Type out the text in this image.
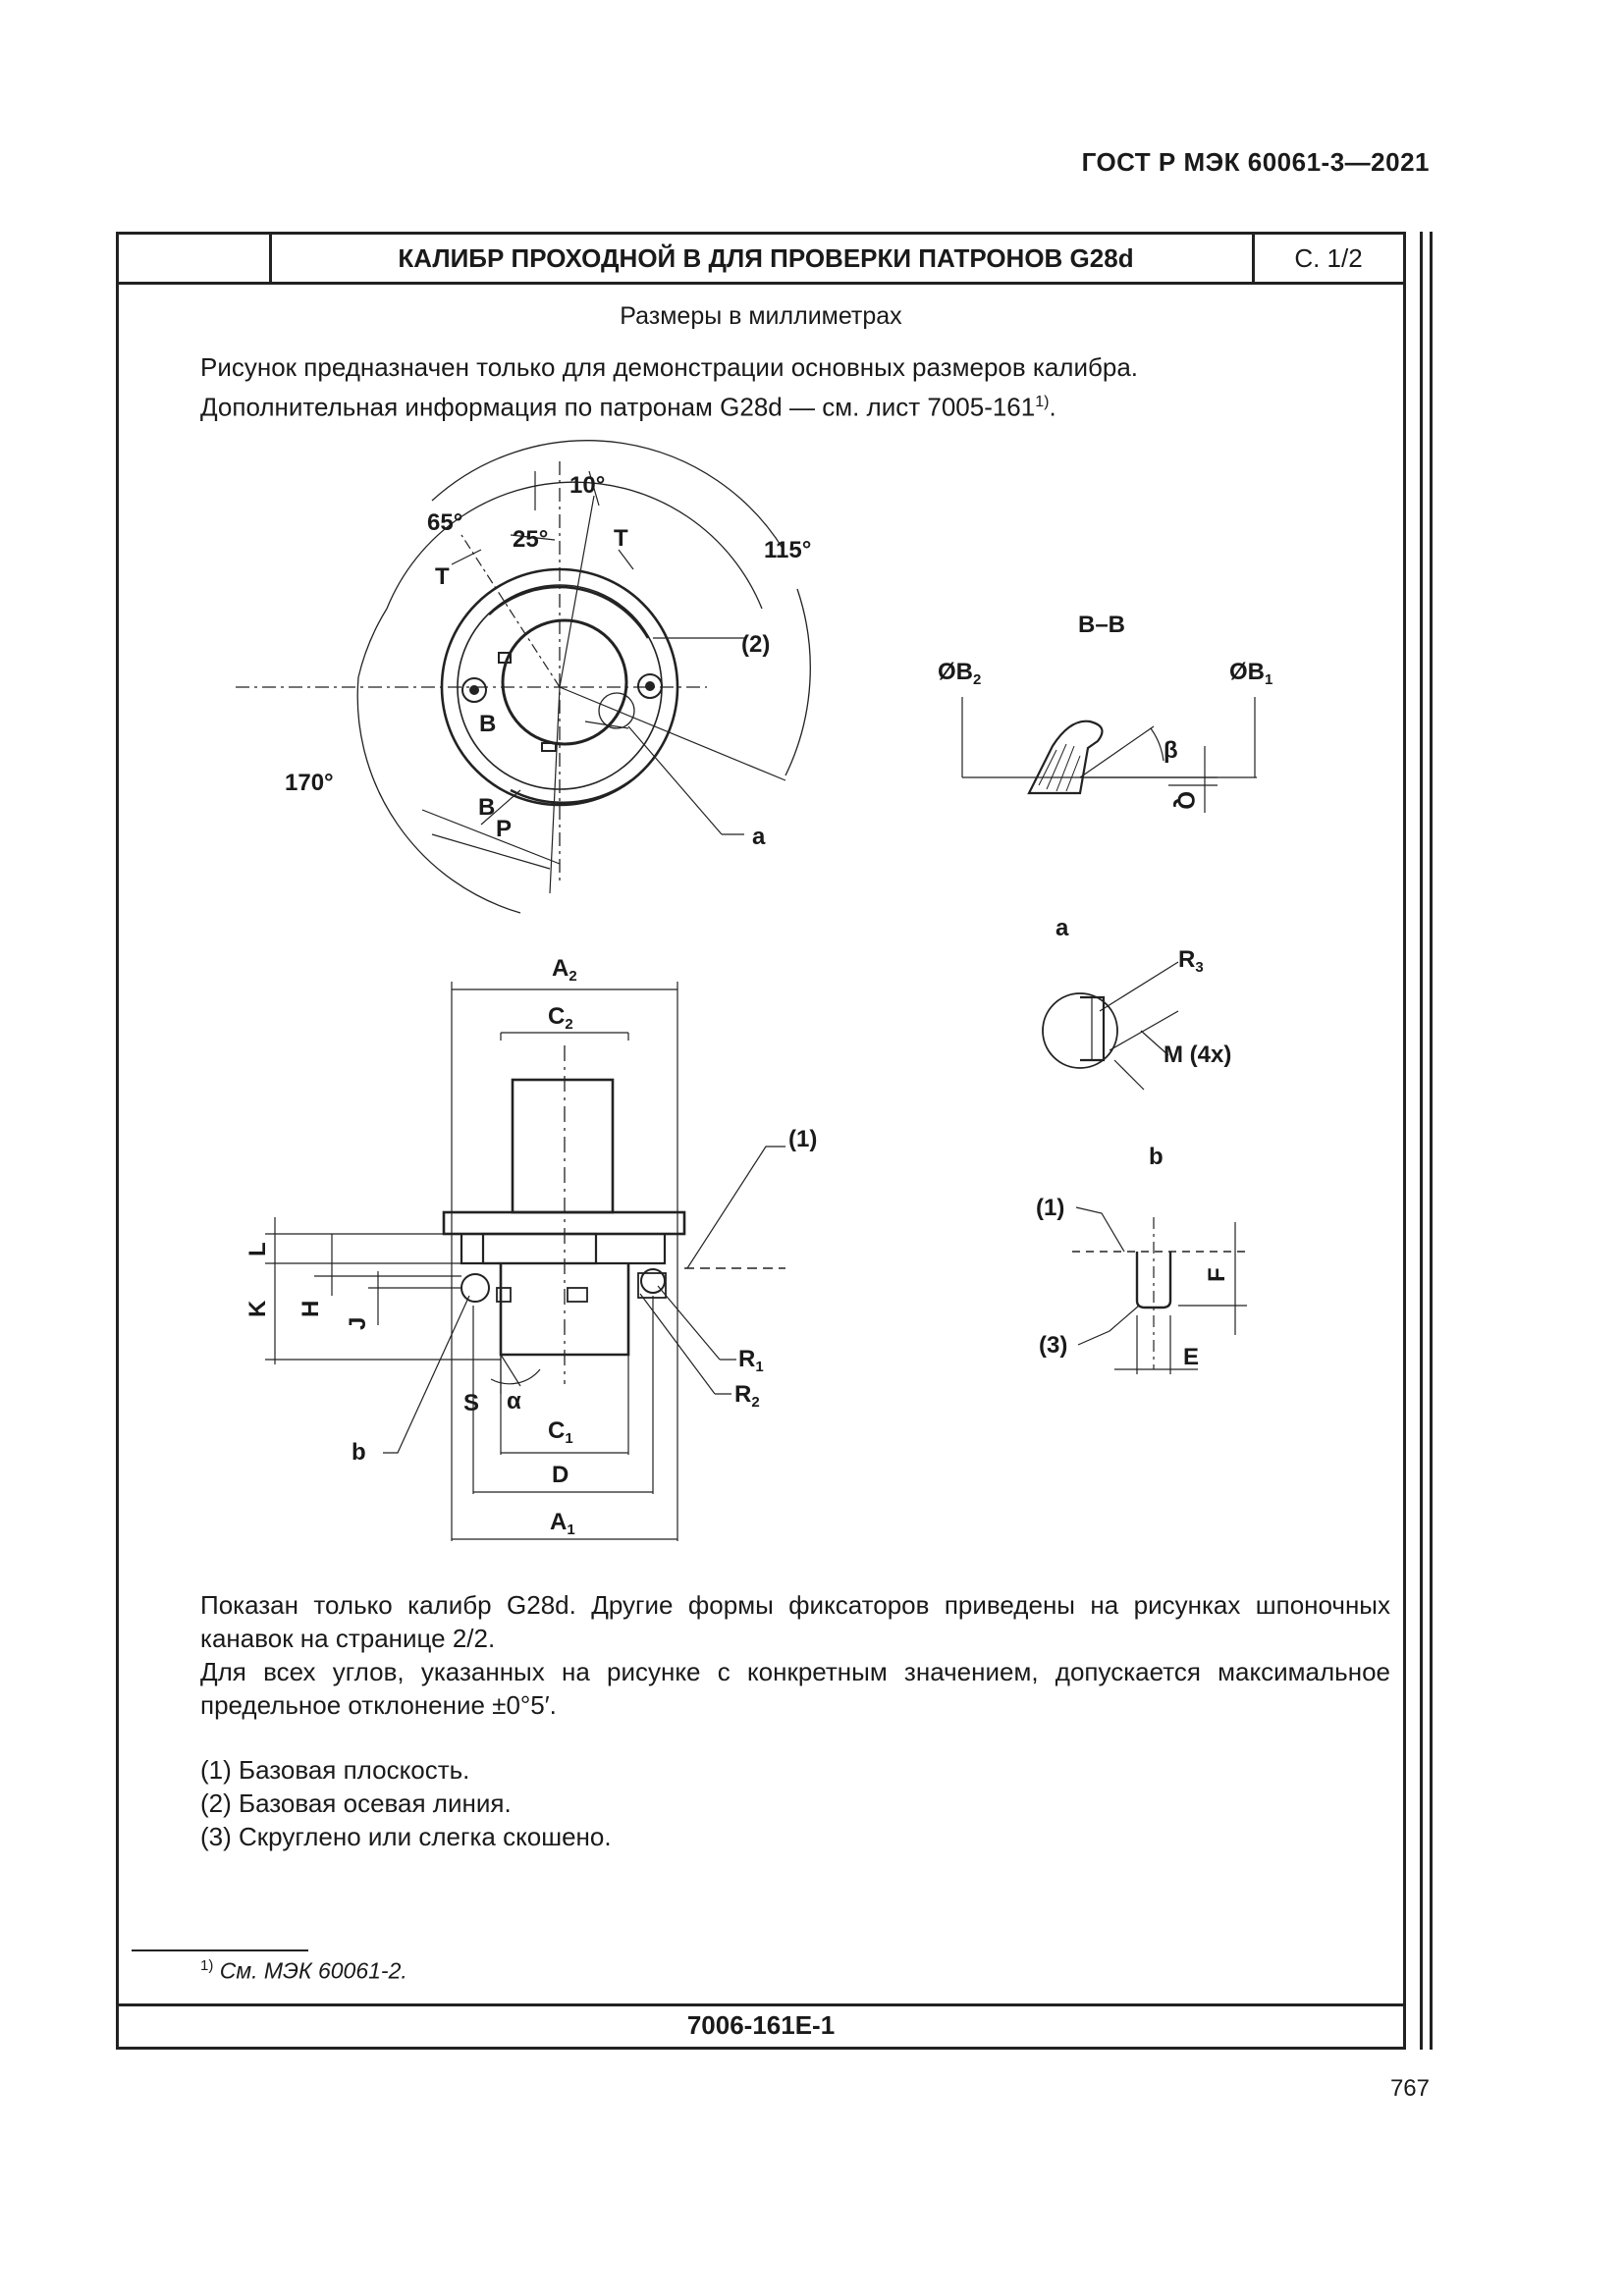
ГОСТ Р МЭК 60061-3—2021
КАЛИБР ПРОХОДНОЙ B ДЛЯ ПРОВЕРКИ ПАТРОНОВ G28d	С. 1/2
Размеры в миллиметрах
Рисунок предназначен только для демонстрации основных размеров калибра.
Дополнительная информация по патронам G28d — см. лист 7005-161$^{1)}$.
10°
65°
25°	115°
170°
T
T
(2)
B
B
P	a
B–B
$ØB_2$	$ØB_1$
β
Q
a
$R_3$
M (4x)
b
(1)
(3)
F
E
$A_2$
$C_2$
(1)
L
K H
J
$R_1$
$R_2$
S α
$C_1$
D
$A_1$
b
Показан только калибр G28d. Другие формы фиксаторов приведены на рисунках шпоночных канавок на странице 2/2.
Для всех углов, указанных на рисунке с конкретным значением, допускается максимальное предельное отклонение ±0°5′.
(1) Базовая плоскость.
(2) Базовая осевая линия.
(3) Скруглено или слегка скошено.
$^{1)}$ См. МЭК 60061-2.
7006-161E-1
767
